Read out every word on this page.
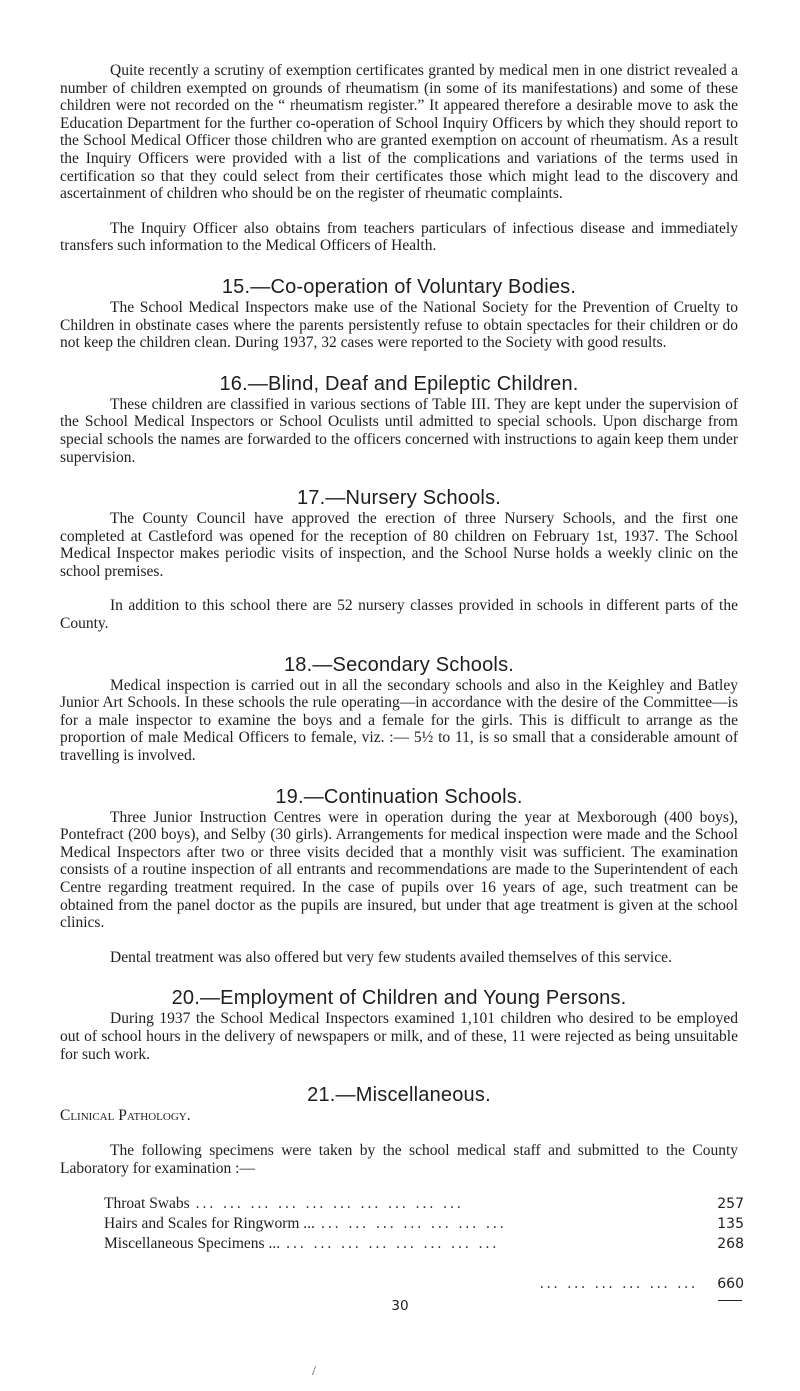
Quite recently a scrutiny of exemption certificates granted by medical men in one district revealed a number of children exempted on grounds of rheumatism (in some of its manifestations) and some of these children were not recorded on the “ rheumatism register.” It appeared therefore a desirable move to ask the Education Department for the further co-operation of School Inquiry Officers by which they should report to the School Medical Officer those children who are granted exemption on account of rheumatism. As a result the Inquiry Officers were provided with a list of the complications and variations of the terms used in certification so that they could select from their certificates those which might lead to the discovery and ascertainment of children who should be on the register of rheumatic complaints.

The Inquiry Officer also obtains from teachers particulars of infectious disease and immediately transfers such information to the Medical Officers of Health.

15.—Co-operation of Voluntary Bodies.

The School Medical Inspectors make use of the National Society for the Prevention of Cruelty to Children in obstinate cases where the parents persistently refuse to obtain spectacles for their children or do not keep the children clean. During 1937, 32 cases were reported to the Society with good results.

16.—Blind, Deaf and Epileptic Children.

These children are classified in various sections of Table III. They are kept under the supervision of the School Medical Inspectors or School Oculists until admitted to special schools. Upon discharge from special schools the names are forwarded to the officers concerned with instructions to again keep them under supervision.

17.—Nursery Schools.

The County Council have approved the erection of three Nursery Schools, and the first one completed at Castleford was opened for the reception of 80 children on February 1st, 1937. The School Medical Inspector makes periodic visits of inspection, and the School Nurse holds a weekly clinic on the school premises.

In addition to this school there are 52 nursery classes provided in schools in different parts of the County.

18.—Secondary Schools.

Medical inspection is carried out in all the secondary schools and also in the Keighley and Batley Junior Art Schools. In these schools the rule operating—in accordance with the desire of the Committee—is for a male inspector to examine the boys and a female for the girls. This is difficult to arrange as the proportion of male Medical Officers to female, viz. :— 5½ to 11, is so small that a considerable amount of travelling is involved.

19.—Continuation Schools.

Three Junior Instruction Centres were in operation during the year at Mexborough (400 boys), Pontefract (200 boys), and Selby (30 girls). Arrangements for medical inspection were made and the School Medical Inspectors after two or three visits decided that a monthly visit was sufficient. The examination consists of a routine inspection of all entrants and recommendations are made to the Superintendent of each Centre regarding treatment required. In the case of pupils over 16 years of age, such treatment can be obtained from the panel doctor as the pupils are insured, but under that age treatment is given at the school clinics.

Dental treatment was also offered but very few students availed themselves of this service.

20.—Employment of Children and Young Persons.

During 1937 the School Medical Inspectors examined 1,101 children who desired to be employed out of school hours in the delivery of newspapers or milk, and of these, 11 were rejected as being unsuitable for such work.

21.—Miscellaneous.
Clinical Pathology.

The following specimens were taken by the school medical staff and submitted to the County Laboratory for examination :—

Throat Swabs ... ... ... ... ... ... ... ... ... ...	257
Hairs and Scales for Ringworm ... ... ... ... ... ... ... ...	135
Miscellaneous Specimens ... ... ... ... ... ... ... ... ...	268
... ... ... ... ... ...	660
30
/
